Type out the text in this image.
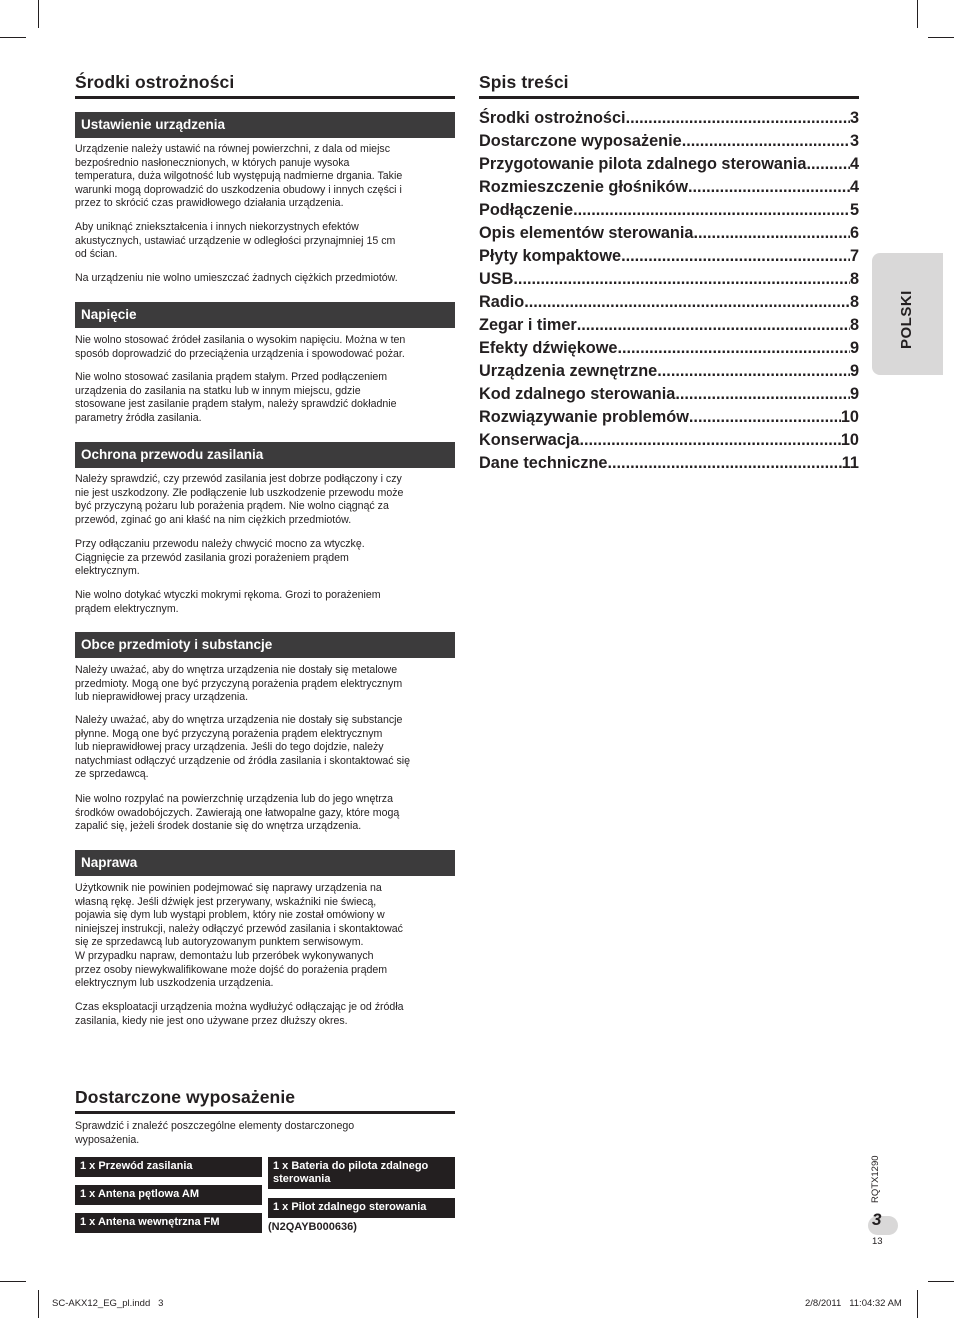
Środki ostrożności
Ustawienie urządzenia

Urządzenie należy ustawić na równej powierzchni, z dala od miejsc
bezpośrednio nasłonecznionych, w których panuje wysoka
temperatura, duża wilgotność lub występują nadmierne drgania. Takie
warunki mogą doprowadzić do uszkodzenia obudowy i innych części i
przez to skrócić czas prawidłowego działania urządzenia.

Aby uniknąć zniekształcenia i innych niekorzystnych efektów
akustycznych, ustawiać urządzenie w odległości przynajmniej 15 cm
od ścian.

Na urządzeniu nie wolno umieszczać żadnych ciężkich przedmiotów.

Napięcie

Nie wolno stosować źródeł zasilania o wysokim napięciu. Można w ten
sposób doprowadzić do przeciążenia urządzenia i spowodować pożar.

Nie wolno stosować zasilania prądem stałym. Przed podłączeniem
urządzenia do zasilania na statku lub w innym miejscu, gdzie
stosowane jest zasilanie prądem stałym, należy sprawdzić dokładnie
parametry źródła zasilania.

Ochrona przewodu zasilania

Należy sprawdzić, czy przewód zasilania jest dobrze podłączony i czy
nie jest uszkodzony. Złe podłączenie lub uszkodzenie przewodu może
być przyczyną pożaru lub porażenia prądem. Nie wolno ciągnąć za
przewód, zginać go ani kłaść na nim ciężkich przedmiotów.

Przy odłączaniu przewodu należy chwycić mocno za wtyczkę.
Ciągnięcie za przewód zasilania grozi porażeniem prądem
elektrycznym.

Nie wolno dotykać wtyczki mokrymi rękoma. Grozi to porażeniem
prądem elektrycznym.

Obce przedmioty i substancje

Należy uważać, aby do wnętrza urządzenia nie dostały się metalowe
przedmioty. Mogą one być przyczyną porażenia prądem elektrycznym
lub nieprawidłowej pracy urządzenia.

Należy uważać, aby do wnętrza urządzenia nie dostały się substancje
płynne. Mogą one być przyczyną porażenia prądem elektrycznym
lub nieprawidłowej pracy urządzenia. Jeśli do tego dojdzie, należy
natychmiast odłączyć urządzenie od źródła zasilania i skontaktować się
ze sprzedawcą.

Nie wolno rozpylać na powierzchnię urządzenia lub do jego wnętrza
środków owadobójczych. Zawierają one łatwopalne gazy, które mogą
zapalić się, jeżeli środek dostanie się do wnętrza urządzenia.

Naprawa

Użytkownik nie powinien podejmować się naprawy urządzenia na
własną rękę. Jeśli dźwięk jest przerywany, wskaźniki nie świecą,
pojawia się dym lub wystąpi problem, który nie został omówiony w
niniejszej instrukcji, należy odłączyć przewód zasilania i skontaktować
się ze sprzedawcą lub autoryzowanym punktem serwisowym.
W przypadku napraw, demontażu lub przeróbek wykonywanych
przez osoby niewykwalifikowane może dojść do porażenia prądem
elektrycznym lub uszkodzenia urządzenia.

Czas eksploatacji urządzenia można wydłużyć odłączając je od źródła
zasilania, kiedy nie jest ono używane przez dłuższy okres.

Dostarczone wyposażenie

Sprawdzić i znaleźć poszczególne elementy dostarczonego
wyposażenia.

1 x Przewód zasilania
1 x Antena pętlowa AM
1 x Antena wewnętrzna FM
1 x Bateria do pilota zdalnego
sterowania
1 x Pilot zdalnego sterowania
(N2QAYB000636)
Spis treści
Środki ostrożności .....	3
Dostarczone wyposażenie .....	3
Przygotowanie pilota zdalnego sterowania .....	4
Rozmieszczenie głośników .....	4
Podłączenie .....	5
Opis elementów sterowania .....	6
Płyty kompaktowe .....	7
USB .....	8
Radio .....	8
Zegar i timer .....	8
Efekty dźwiękowe .....	9
Urządzenia zewnętrzne .....	9
Kod zdalnego sterowania .....	9
Rozwiązywanie problemów .....	10
Konserwacja .....	10
Dane techniczne .....	11
POLSKI
RQTX1290
3
13
SC-AKX12_EG_pl.indd   3	2/8/2011   11:04:32 AM
